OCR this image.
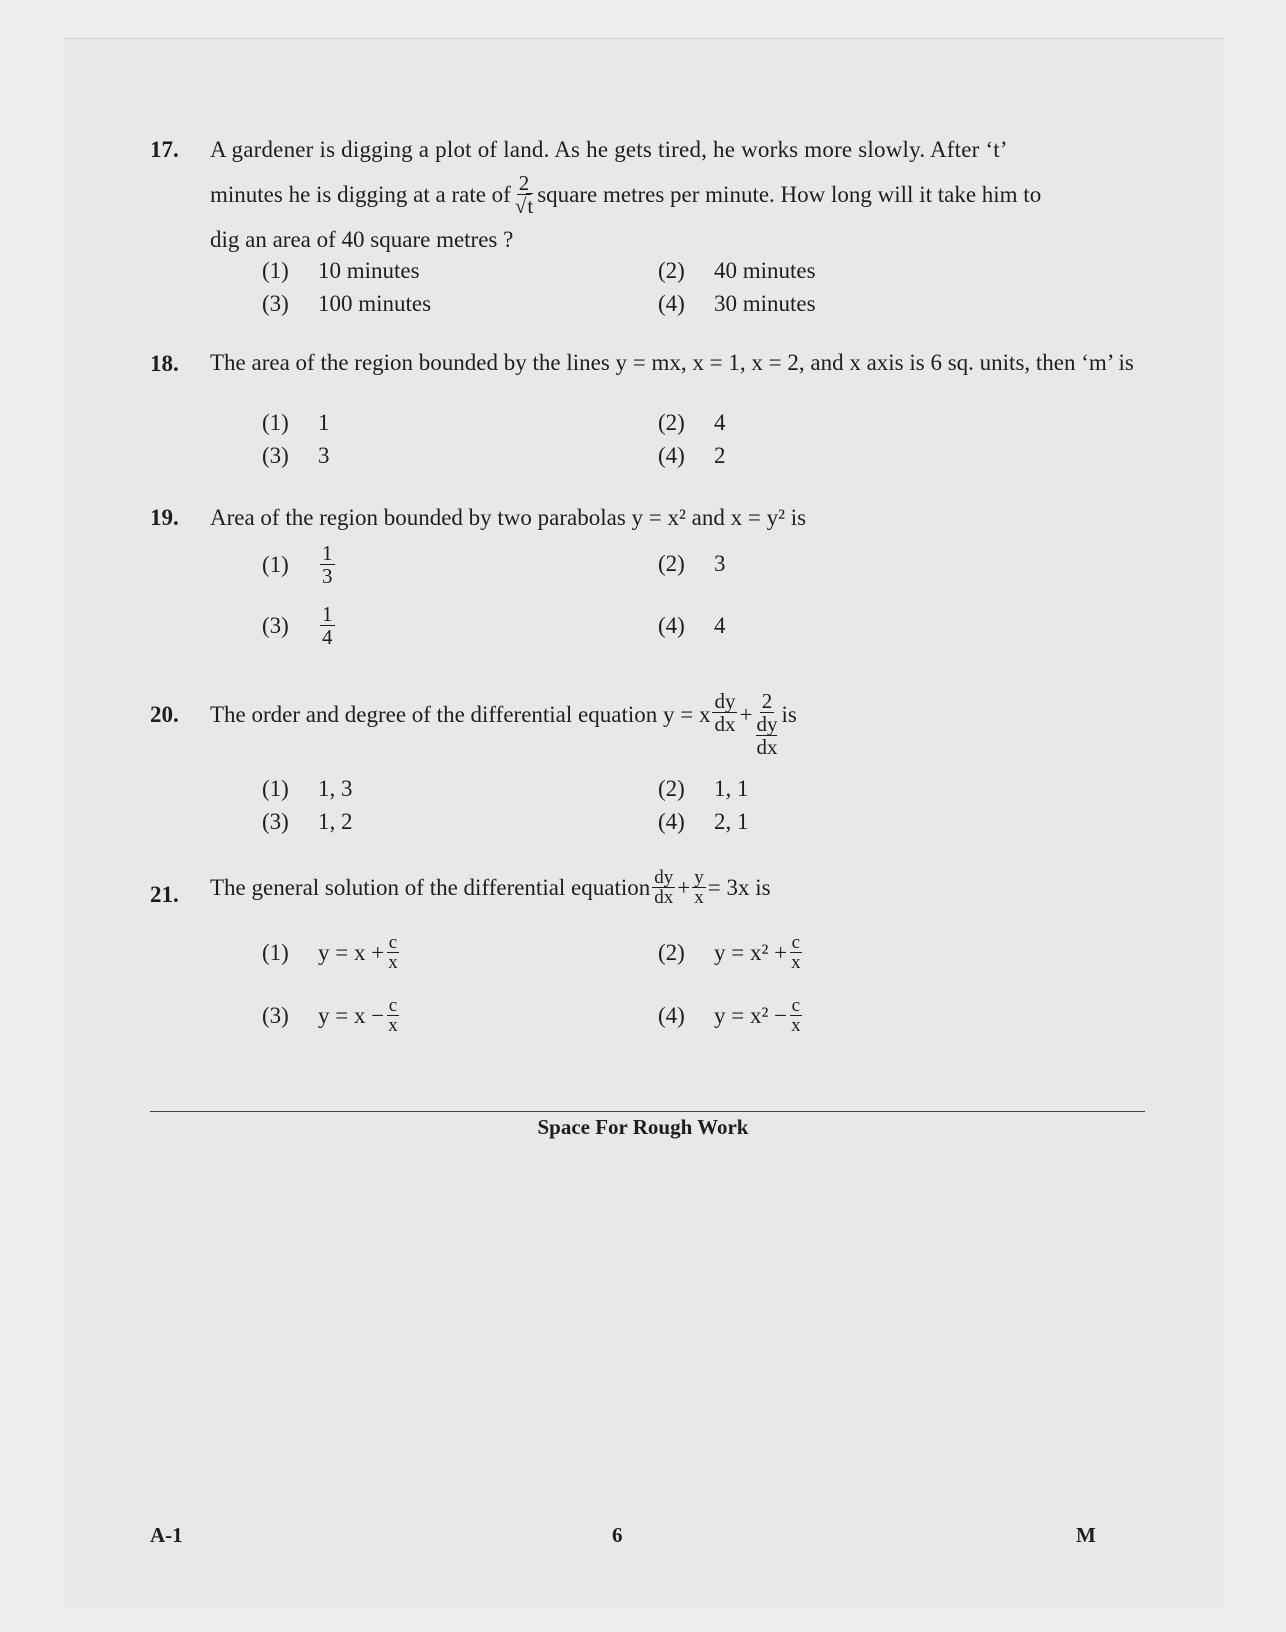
17. A gardener is digging a plot of land. As he gets tired, he works more slowly. After ‘t’
minutes he is digging at a rate of $\frac{2}{√t}$ square metres per minute. How long will it take him to
dig an area of 40 square metres ?
(1) 10 minutes	(2) 40 minutes
(3) 100 minutes	(4) 30 minutes
18. The area of the region bounded by the lines y = mx, x = 1, x = 2, and x axis is 6 sq. units, then ‘m’ is
(1) 1	(2) 4
(3) 3	(4) 2
19. Area of the region bounded by two parabolas y = x² and x = y² is
(1)	$\frac{1}{3}$	(2) 3
(3)	$\frac{1}{4}$	(4) 4
20. The order and degree of the differential equation y = x $\frac{dy}{dx} + 2$
dy
dx is
(1) 1, 3	(2) 1, 1
(3) 1, 2	(4) 2, 1
21. The general solution of the differential equation $\frac{dy}{dx} + \frac{y}{x} = 3x$ is
(1)	$y = x + \frac{c}{x}$	(2)	$y = x^2 + \frac{c}{x}$
(3)	$y = x - \frac{c}{x}$	(4)	$y = x^2 - \frac{c}{x}$
Space For Rough Work
A-1	6	M
